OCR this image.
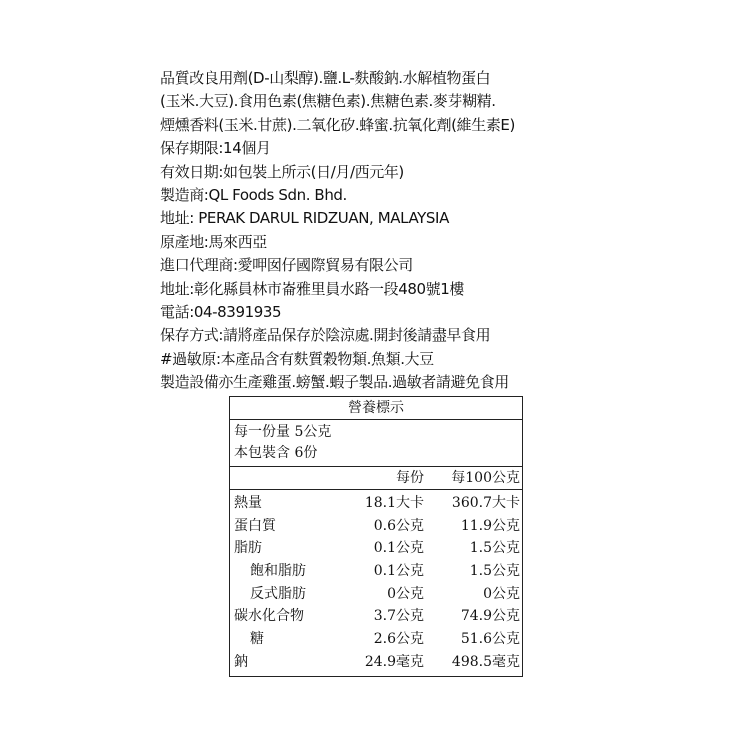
品質改良用劑(D-山梨醇).鹽.L-麩酸鈉.水解植物蛋白
(玉米.大豆).食用色素(焦糖色素).焦糖色素.麥芽糊精.
煙燻香料(玉米.甘蔗).二氧化矽.蜂蜜.抗氧化劑(維生素E)
保存期限:14個月
有效日期:如包裝上所示(日/月/西元年)
製造商:QL Foods Sdn. Bhd.
地址: PERAK DARUL RIDZUAN, MALAYSIA
原產地:馬來西亞
進口代理商:愛呷囡仔國際貿易有限公司
地址:彰化縣員林市崙雅里員水路一段480號1樓
電話:04-8391935
保存方式:請將產品保存於陰涼處.開封後請盡早食用
#過敏原:本產品含有麩質穀物類.魚類.大豆
製造設備亦生產雞蛋.螃蟹.蝦子製品.過敏者請避免食用
營養標示
每一份量 5公克
本包裝含 6份
每份	每100公克
熱量	18.1大卡	360.7大卡
蛋白質	0.6公克	11.9公克
脂肪	0.1公克	1.5公克
飽和脂肪	0.1公克	1.5公克
反式脂肪	0公克	0公克
碳水化合物	3.7公克	74.9公克
糖	2.6公克	51.6公克
鈉	24.9毫克	498.5毫克
